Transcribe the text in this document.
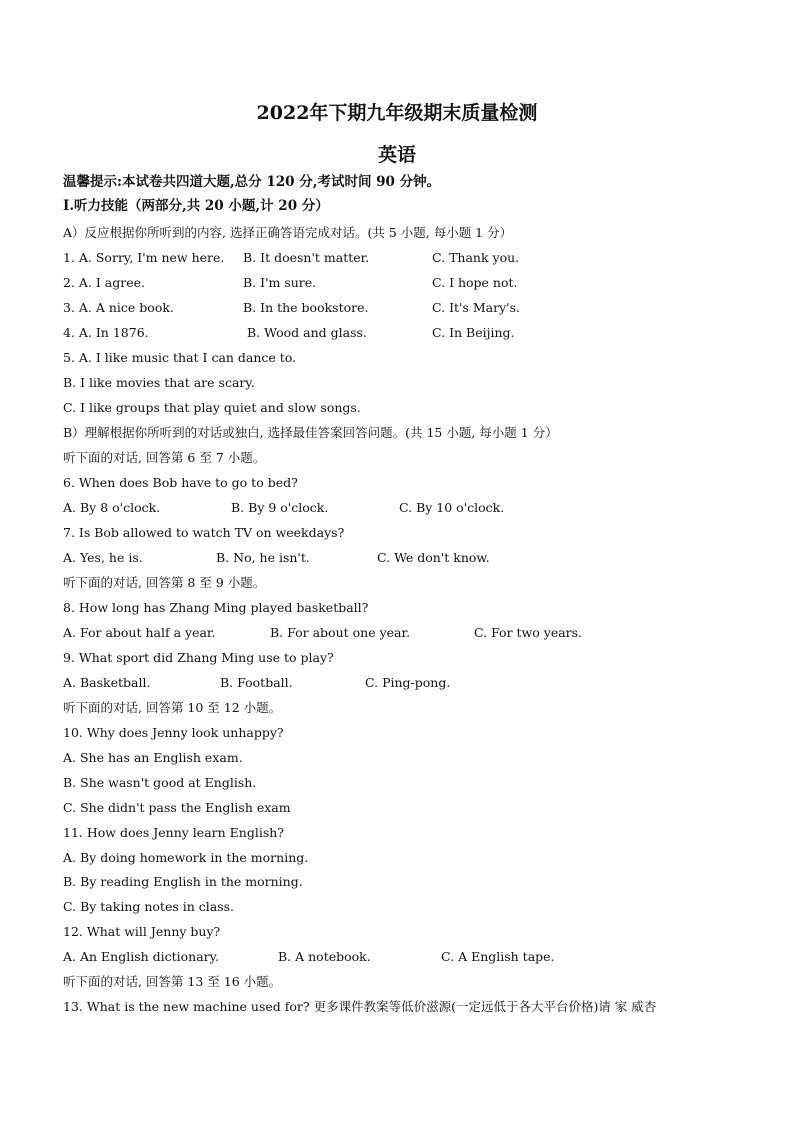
2022年下期九年级期末质量检测
英语
温馨提示:本试卷共四道大题,总分 120 分,考试时间 90 分钟。
I.听力技能（两部分,共 20 小题,计 20 分）
A）反应根据你所听到的内容, 选择正确答语完成对话。(共 5 小题, 每小题 1 分）
1. A. Sorry, I'm new here. B. It doesn't matter.	C. Thank you.
2. A. I agree.	B. I'm sure.	C. I hope not.
3. A. A nice book.	B. In the bookstore.	C. It's Mary's.
4. A. In 1876.	B. Wood and glass.	C. In Beijing.
5. A. I like music that I can dance to.
B. I like movies that are scary.
C. I like groups that play quiet and slow songs.
B）理解根据你所听到的对话或独白, 选择最佳答案回答问题。(共 15 小题, 每小题 1 分）
听下面的对话, 回答第 6 至 7 小题。
6. When does Bob have to go to bed?
A. By 8 o'clock.	B. By 9 o'clock.	C. By 10 o'clock.
7. Is Bob allowed to watch TV on weekdays?
A. Yes, he is.	B. No, he isn't.	C. We don't know.
听下面的对话, 回答第 8 至 9 小题。
8. How long has Zhang Ming played basketball?
A. For about half a year.	B. For about one year.	C. For two years.
9. What sport did Zhang Ming use to play?
A. Basketball.	B. Football.	C. Ping-pong.
听下面的对话, 回答第 10 至 12 小题。
10. Why does Jenny look unhappy?
A. She has an English exam.
B. She wasn't good at English.
C. She didn't pass the English exam
11. How does Jenny learn English?
A. By doing homework in the morning.
B. By reading English in the morning.
C. By taking notes in class.
12. What will Jenny buy?
A. An English dictionary.	B. A notebook.	C. A English tape.
听下面的对话, 回答第 13 至 16 小题。
13. What is the new machine used for? 更多课件教案等低价滋源(一定远低于各大平台价格)请 家 威杏
